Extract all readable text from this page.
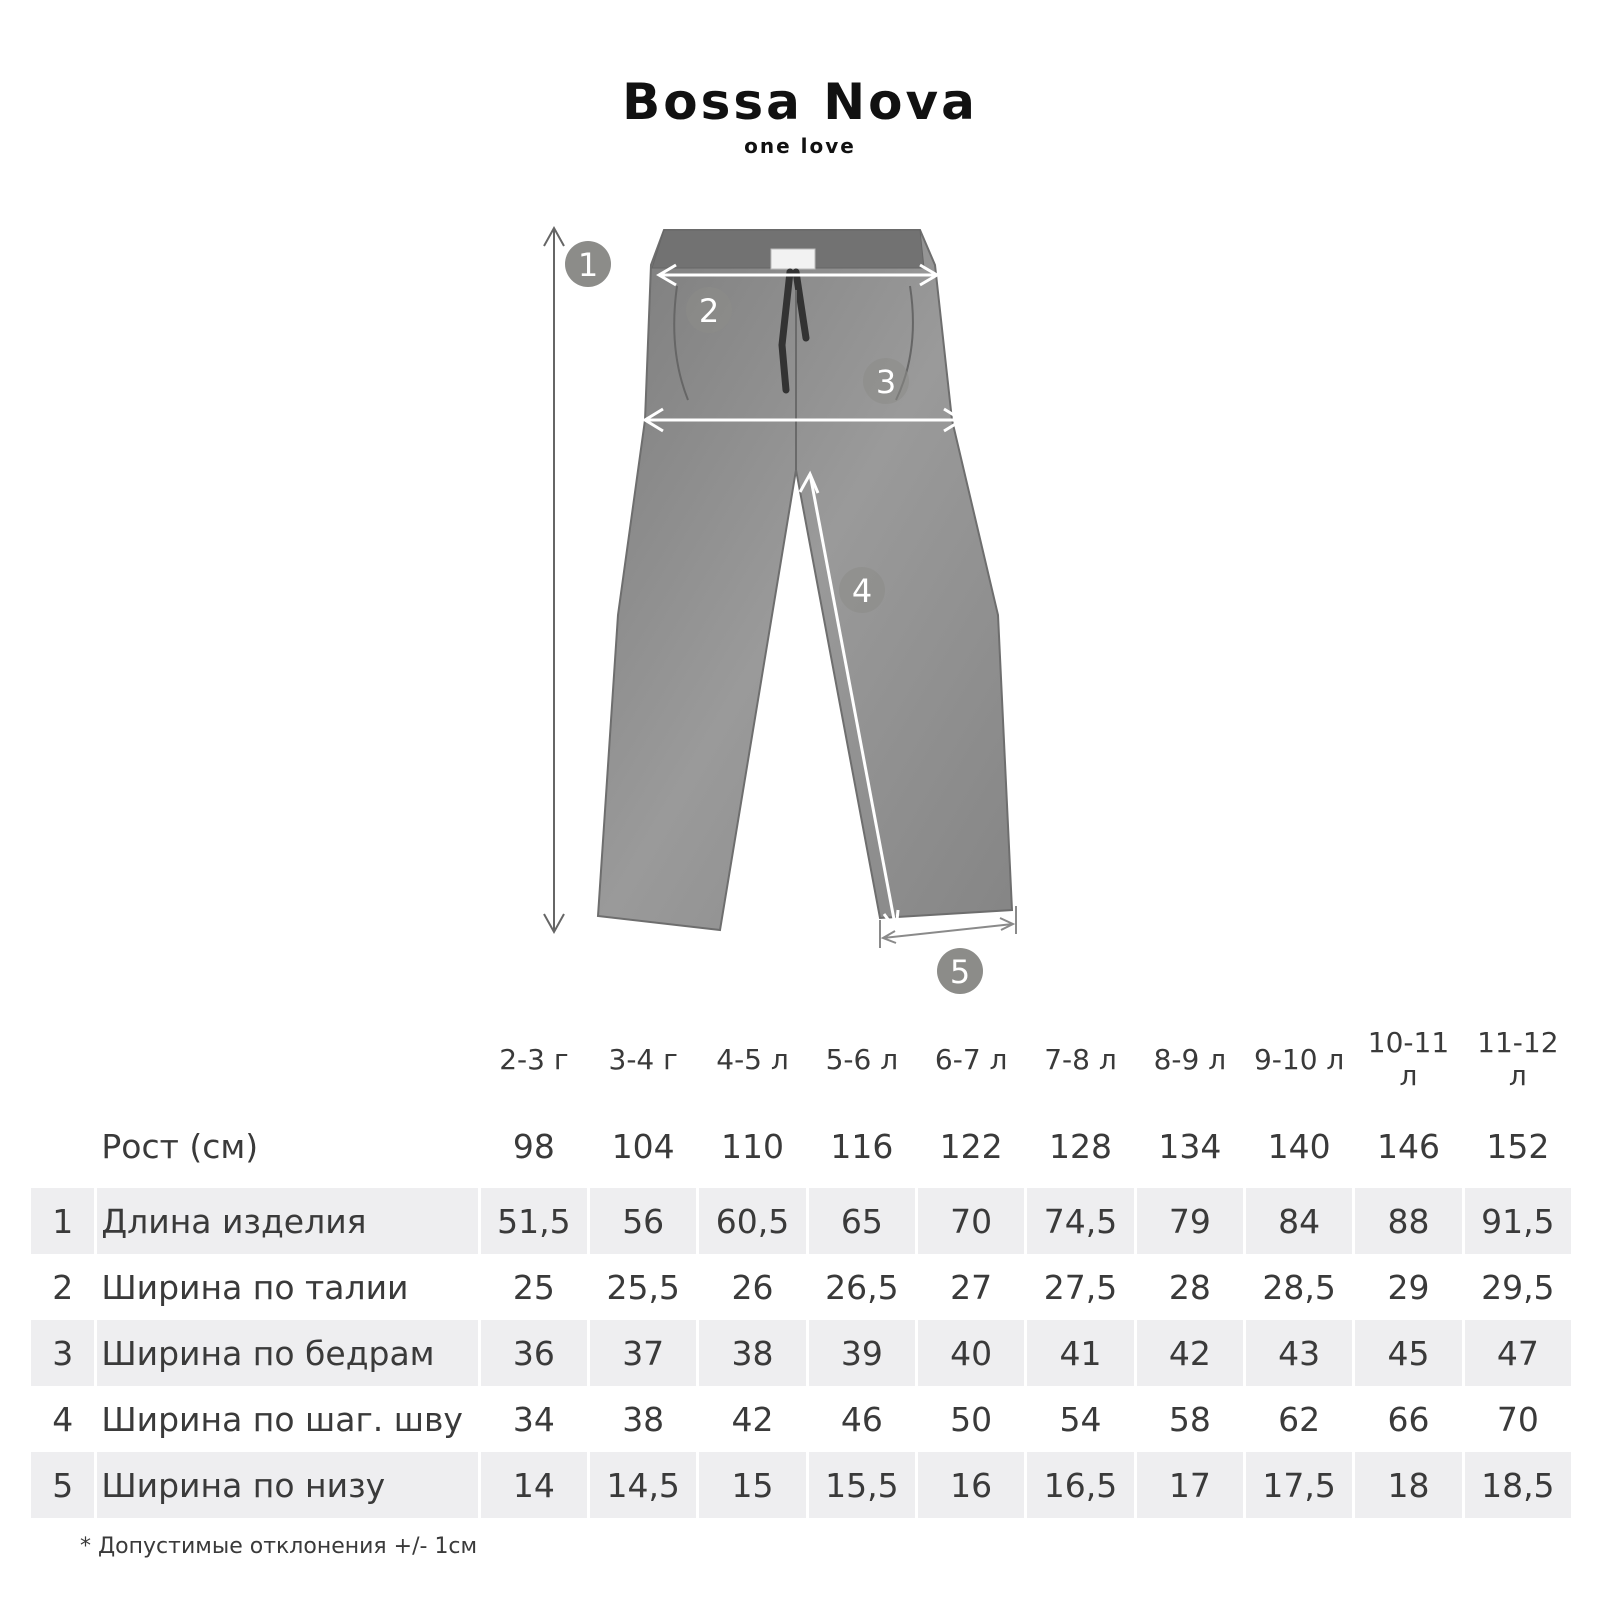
Bossa Nova
one love
1
2
3
4
5
		2-3 г	3-4 г	4-5 л	5-6 л	6-7 л	7-8 л	8-9 л	9-10 л	10-11 л	11-12 л
	Рост (см)	98	104	110	116	122	128	134	140	146	152
1	Длина изделия	51,5	56	60,5	65	70	74,5	79	84	88	91,5
2	Ширина по талии	25	25,5	26	26,5	27	27,5	28	28,5	29	29,5
3	Ширина по бедрам	36	37	38	39	40	41	42	43	45	47
4	Ширина по шаг. шву	34	38	42	46	50	54	58	62	66	70
5	Ширина по низу	14	14,5	15	15,5	16	16,5	17	17,5	18	18,5
* Допустимые отклонения +/- 1см
